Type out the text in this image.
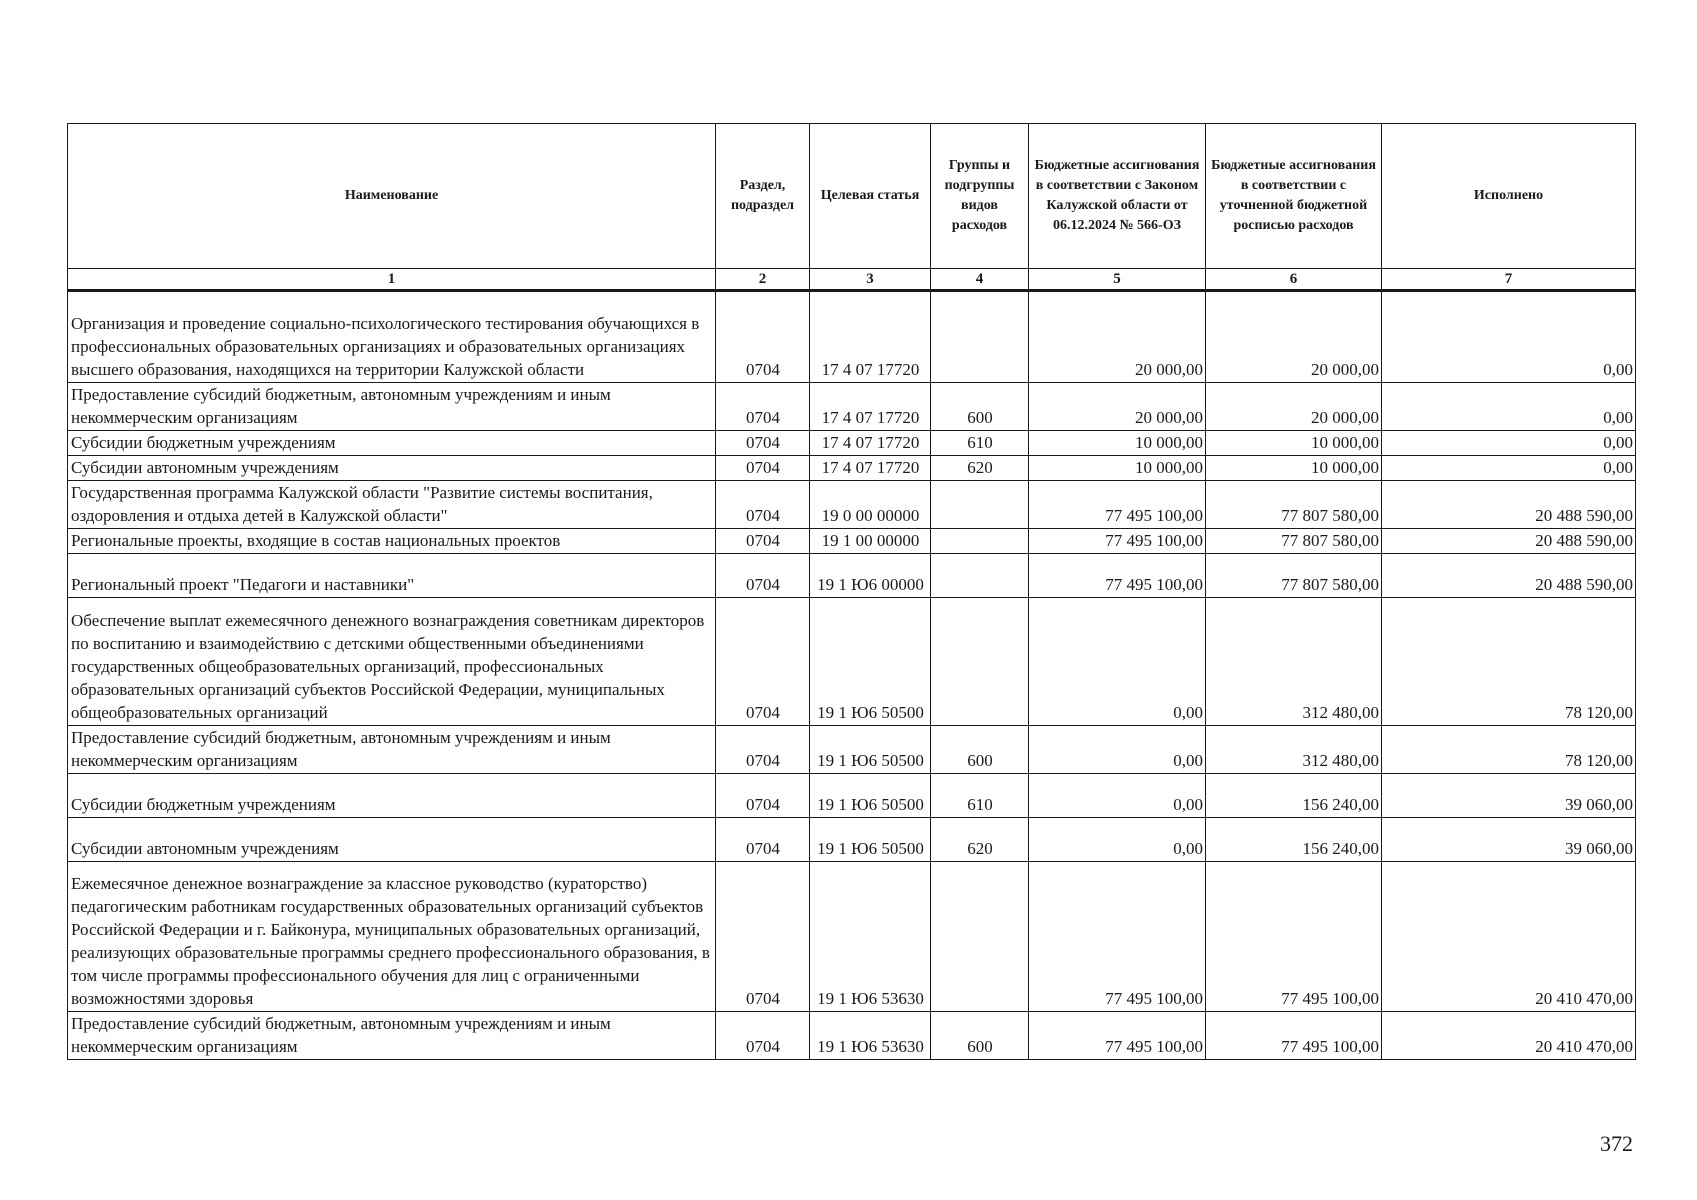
Наименование	Раздел, подраздел	Целевая статья	Группы и подгруппы видов расходов	Бюджетные ассигнования в соответствии с Законом Калужской области от 06.12.2024 № 566-ОЗ	Бюджетные ассигнования в соответствии с уточненной бюджетной росписью расходов	Исполнено
1	2	3	4	5	6	7
Организация и проведение социально-психологического тестирования обучающихся в профессиональных образовательных организациях и образовательных организациях высшего образования, находящихся на территории Калужской области	0704	17 4 07 17720		20 000,00	20 000,00	0,00
Предоставление субсидий бюджетным, автономным учреждениям и иным некоммерческим организациям	0704	17 4 07 17720	600	20 000,00	20 000,00	0,00
Субсидии бюджетным учреждениям	0704	17 4 07 17720	610	10 000,00	10 000,00	0,00
Субсидии автономным учреждениям	0704	17 4 07 17720	620	10 000,00	10 000,00	0,00
Государственная программа Калужской области "Развитие системы воспитания, оздоровления и отдыха детей в Калужской области"	0704	19 0 00 00000		77 495 100,00	77 807 580,00	20 488 590,00
Региональные проекты, входящие в состав национальных проектов	0704	19 1 00 00000		77 495 100,00	77 807 580,00	20 488 590,00
Региональный проект "Педагоги и наставники"	0704	19 1 Ю6 00000		77 495 100,00	77 807 580,00	20 488 590,00
Обеспечение выплат ежемесячного денежного вознаграждения советникам директоров по воспитанию и взаимодействию с детскими общественными объединениями государственных общеобразовательных организаций, профессиональных образовательных организаций субъектов Российской Федерации, муниципальных общеобразовательных организаций	0704	19 1 Ю6 50500		0,00	312 480,00	78 120,00
Предоставление субсидий бюджетным, автономным учреждениям и иным некоммерческим организациям	0704	19 1 Ю6 50500	600	0,00	312 480,00	78 120,00
Субсидии бюджетным учреждениям	0704	19 1 Ю6 50500	610	0,00	156 240,00	39 060,00
Субсидии автономным учреждениям	0704	19 1 Ю6 50500	620	0,00	156 240,00	39 060,00
Ежемесячное денежное вознаграждение за классное руководство (кураторство) педагогическим работникам государственных образовательных организаций субъектов Российской Федерации и г. Байконура, муниципальных образовательных организаций, реализующих образовательные программы среднего профессионального образования, в том числе программы профессионального обучения для лиц с ограниченными возможностями здоровья	0704	19 1 Ю6 53630		77 495 100,00	77 495 100,00	20 410 470,00
Предоставление субсидий бюджетным, автономным учреждениям и иным некоммерческим организациям	0704	19 1 Ю6 53630	600	77 495 100,00	77 495 100,00	20 410 470,00
372
